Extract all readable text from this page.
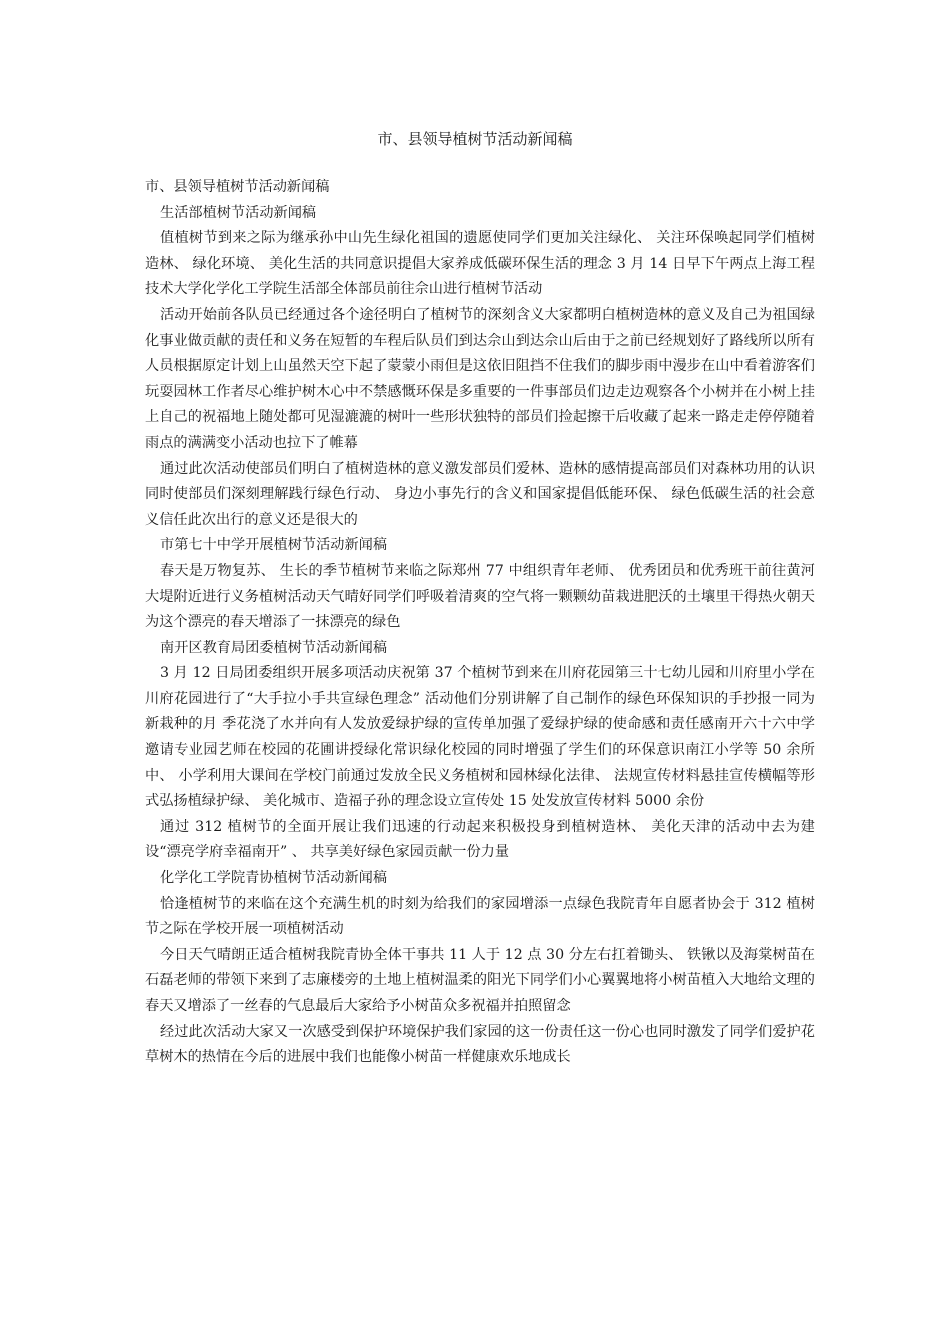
市、县领导植树节活动新闻稿

市、县领导植树节活动新闻稿

生活部植树节活动新闻稿

值植树节到来之际为继承孙中山先生绿化祖国的遗愿使同学们更加关注绿化、 关注环保唤起同学们植树造林、 绿化环境、 美化生活的共同意识提倡大家养成低碳环保生活的理念 3 月 14 日早下午两点上海工程技术大学化学化工学院生活部全体部员前往佘山进行植树节活动

活动开始前各队员已经通过各个途径明白了植树节的深刻含义大家都明白植树造林的意义及自己为祖国绿化事业做贡献的责任和义务在短暂的车程后队员们到达佘山到达佘山后由于之前已经规划好了路线所以所有人员根据原定计划上山虽然天空下起了蒙蒙小雨但是这依旧阻挡不住我们的脚步雨中漫步在山中看着游客们玩耍园林工作者尽心维护树木心中不禁感慨环保是多重要的一件事部员们边走边观察各个小树并在小树上挂上自己的祝福地上随处都可见湿漉漉的树叶一些形状独特的部员们捡起擦干后收藏了起来一路走走停停随着雨点的满满变小活动也拉下了帷幕

通过此次活动使部员们明白了植树造林的意义激发部员们爱林、造林的感情提高部员们对森林功用的认识同时使部员们深刻理解践行绿色行动、 身边小事先行的含义和国家提倡低能环保、 绿色低碳生活的社会意义信任此次出行的意义还是很大的

市第七十中学开展植树节活动新闻稿

春天是万物复苏、 生长的季节植树节来临之际郑州 77 中组织青年老师、 优秀团员和优秀班干前往黄河大堤附近进行义务植树活动天气晴好同学们呼吸着清爽的空气将一颗颗幼苗栽进肥沃的土壤里干得热火朝天为这个漂亮的春天增添了一抹漂亮的绿色

南开区教育局团委植树节活动新闻稿

3 月 12 日局团委组织开展多项活动庆祝第 37 个植树节到来在川府花园第三十七幼儿园和川府里小学在川府花园进行了“大手拉小手共宣绿色理念” 活动他们分别讲解了自己制作的绿色环保知识的手抄报一同为新栽种的月 季花浇了水并向有人发放爱绿护绿的宣传单加强了爱绿护绿的使命感和责任感南开六十六中学邀请专业园艺师在校园的花圃讲授绿化常识绿化校园的同时增强了学生们的环保意识南江小学等 50 余所中、 小学利用大课间在学校门前通过发放全民义务植树和园林绿化法律、 法规宣传材料悬挂宣传横幅等形式弘扬植绿护绿、 美化城市、造福子孙的理念设立宣传处 15 处发放宣传材料 5000 余份

通过 312 植树节的全面开展让我们迅速的行动起来积极投身到植树造林、 美化天津的活动中去为建设“漂亮学府幸福南开” 、 共享美好绿色家园贡献一份力量

化学化工学院青协植树节活动新闻稿

恰逢植树节的来临在这个充满生机的时刻为给我们的家园增添一点绿色我院青年自愿者协会于 312 植树节之际在学校开展一项植树活动

今日天气晴朗正适合植树我院青协全体干事共 11 人于 12 点 30 分左右扛着锄头、 铁锹以及海棠树苗在石磊老师的带领下来到了志廉楼旁的土地上植树温柔的阳光下同学们小心翼翼地将小树苗植入大地给文理的春天又增添了一丝春的气息最后大家给予小树苗众多祝福并拍照留念

经过此次活动大家又一次感受到保护环境保护我们家园的这一份责任这一份心也同时激发了同学们爱护花草树木的热情在今后的进展中我们也能像小树苗一样健康欢乐地成长
